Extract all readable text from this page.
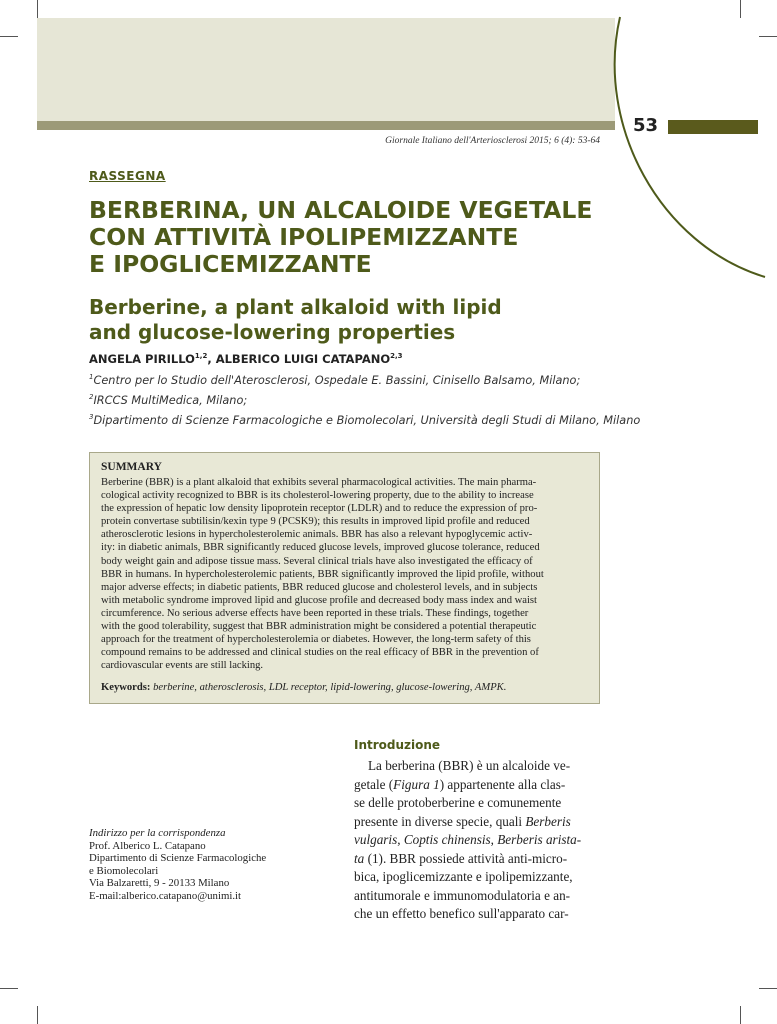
53
Giornale Italiano dell'Arteriosclerosi 2015; 6 (4): 53-64
RASSEGNA
BERBERINA, UN ALCALOIDE VEGETALE
CON ATTIVITÀ IPOLIPEMIZZANTE
E IPOGLICEMIZZANTE
Berberine, a plant alkaloid with lipid
and glucose-lowering properties
ANGELA PIRILLO$^{1,2}$, ALBERICO LUIGI CATAPANO$^{2,3}$
$^1$Centro per lo Studio dell'Aterosclerosi, Ospedale E. Bassini, Cinisello Balsamo, Milano;
$^2$IRCCS MultiMedica, Milano;
$^3$Dipartimento di Scienze Farmacologiche e Biomolecolari, Università degli Studi di Milano, Milano
SUMMARY
Berberine (BBR) is a plant alkaloid that exhibits several pharmacological activities. The main pharma-
cological activity recognized to BBR is its cholesterol-lowering property, due to the ability to increase
the expression of hepatic low density lipoprotein receptor (LDLR) and to reduce the expression of pro-
protein convertase subtilisin/kexin type 9 (PCSK9); this results in improved lipid profile and reduced
atherosclerotic lesions in hypercholesterolemic animals. BBR has also a relevant hypoglycemic activ-
ity: in diabetic animals, BBR significantly reduced glucose levels, improved glucose tolerance, reduced
body weight gain and adipose tissue mass. Several clinical trials have also investigated the efficacy of
BBR in humans. In hypercholesterolemic patients, BBR significantly improved the lipid profile, without
major adverse effects; in diabetic patients, BBR reduced glucose and cholesterol levels, and in subjects
with metabolic syndrome improved lipid and glucose profile and decreased body mass index and waist
circumference. No serious adverse effects have been reported in these trials. These findings, together
with the good tolerability, suggest that BBR administration might be considered a potential therapeutic
approach for the treatment of hypercholesterolemia or diabetes. However, the long-term safety of this
compound remains to be addressed and clinical studies on the real efficacy of BBR in the prevention of
cardiovascular events are still lacking.
Keywords: berberine, atherosclerosis, LDL receptor, lipid-lowering, glucose-lowering, AMPK.
Introduzione
La berberina (BBR) è un alcaloide ve-
getale (Figura 1) appartenente alla clas-
se delle protoberberine e comunemente
presente in diverse specie, quali Berberis
vulgaris, Coptis chinensis, Berberis arista-
ta (1). BBR possiede attività anti-micro-
bica, ipoglicemizzante e ipolipemizzante,
antitumorale e immunomodulatoria e an-
che un effetto benefico sull'apparato car-
Indirizzo per la corrispondenza
Prof. Alberico L. Catapano
Dipartimento di Scienze Farmacologiche
e Biomolecolari
Via Balzaretti, 9 - 20133 Milano
E-mail:alberico.catapano@unimi.it
